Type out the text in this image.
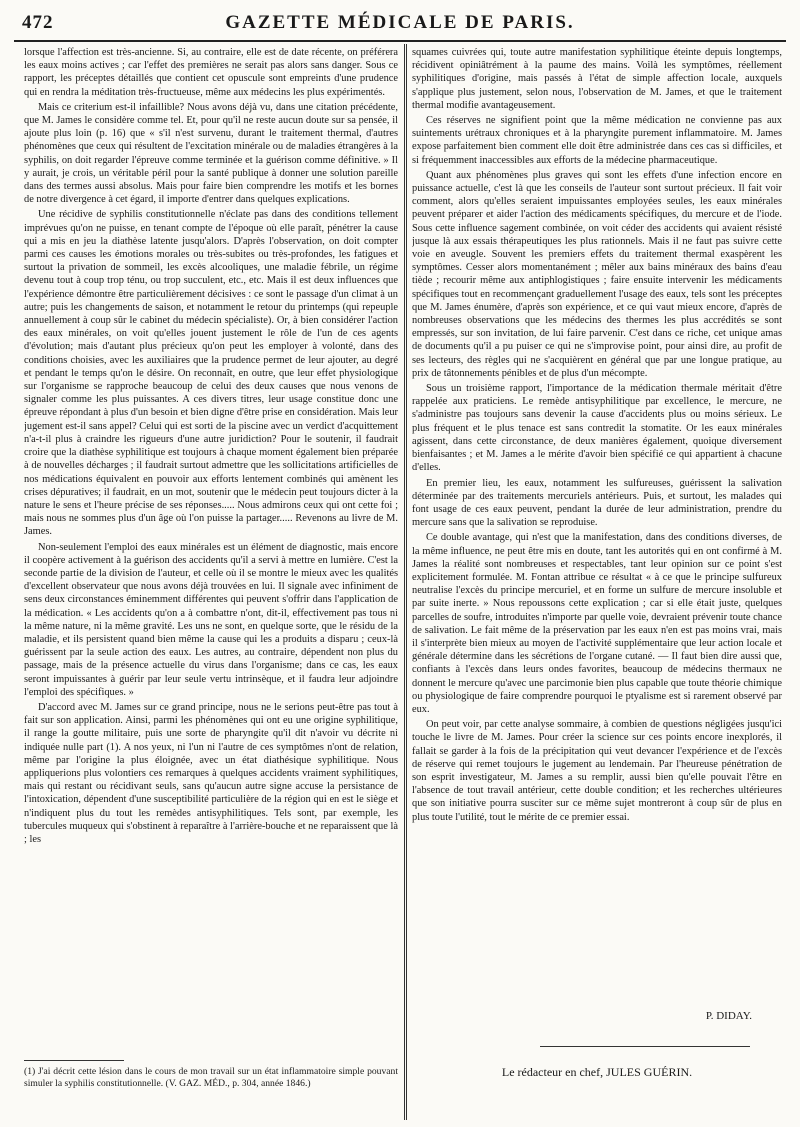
472	GAZETTE MÉDICALE DE PARIS.

lorsque l'affection est très-ancienne. Si, au contraire, elle est de date récente, on préférera les eaux moins actives ; car l'effet des premières ne serait pas alors sans danger. Sous ce rapport, les préceptes détaillés que contient cet opuscule sont empreints d'une prudence qui en rendra la méditation très-fructueuse, même aux médecins les plus expérimentés.

Mais ce criterium est-il infaillible? Nous avons déjà vu, dans une citation précédente, que M. James le considère comme tel. Et, pour qu'il ne reste aucun doute sur sa pensée, il ajoute plus loin (p. 16) que « s'il n'est survenu, durant le traitement thermal, d'autres phénomènes que ceux qui résultent de l'excitation minérale ou de maladies étrangères à la syphilis, on doit regarder l'épreuve comme terminée et la guérison comme définitive. » Il y aurait, je crois, un véritable péril pour la santé publique à donner une solution pareille dans des termes aussi absolus. Mais pour faire bien comprendre les motifs et les bornes de notre divergence à cet égard, il importe d'entrer dans quelques explications.

Une récidive de syphilis constitutionnelle n'éclate pas dans des conditions tellement imprévues qu'on ne puisse, en tenant compte de l'époque où elle paraît, pénétrer la cause qui a mis en jeu la diathèse latente jusqu'alors. D'après l'observation, on doit compter parmi ces causes les émotions morales ou très-subites ou très-profondes, les fatigues et surtout la privation de sommeil, les excès alcooliques, une maladie fébrile, un régime devenu tout à coup trop ténu, ou trop succulent, etc., etc. Mais il est deux influences que l'expérience démontre être particulièrement décisives : ce sont le passage d'un climat à un autre; puis les changements de saison, et notamment le retour du printemps (qui repeuple annuellement à coup sûr le cabinet du médecin spécialiste). Or, à bien considérer l'action des eaux minérales, on voit qu'elles jouent justement le rôle de l'un de ces agents d'évolution; mais d'autant plus précieux qu'on peut les employer à volonté, dans des conditions choisies, avec les auxiliaires que la prudence permet de leur ajouter, au degré et pendant le temps qu'on le désire. On reconnaît, en outre, que leur effet physiologique sur l'organisme se rapproche beaucoup de celui des deux causes que nous venons de signaler comme les plus puissantes. A ces divers titres, leur usage constitue donc une épreuve répondant à plus d'un besoin et bien digne d'être prise en considération. Mais leur jugement est-il sans appel? Celui qui est sorti de la piscine avec un verdict d'acquittement n'a-t-il plus à craindre les rigueurs d'une autre juridiction? Pour le soutenir, il faudrait croire que la diathèse syphilitique est toujours à chaque moment également bien préparée à de nouvelles décharges ; il faudrait surtout admettre que les sollicitations artificielles de nos médications équivalent en pouvoir aux efforts lentement combinés qui amènent les crises dépuratives; il faudrait, en un mot, soutenir que le médecin peut toujours dicter à la nature le sens et l'heure précise de ses réponses..... Nous admirons ceux qui ont cette foi ; mais nous ne sommes plus d'un âge où l'on puisse la partager..... Revenons au livre de M. James.

Non-seulement l'emploi des eaux minérales est un élément de diagnostic, mais encore il coopère activement à la guérison des accidents qu'il a servi à mettre en lumière. C'est la seconde partie de la division de l'auteur, et celle où il se montre le mieux avec les qualités d'excellent observateur que nous avons déjà trouvées en lui. Il signale avec infiniment de sens deux circonstances éminemment différentes qui peuvent s'offrir dans l'application de la médication. « Les accidents qu'on a à combattre n'ont, dit-il, effectivement pas tous ni la même nature, ni la même gravité. Les uns ne sont, en quelque sorte, que le résidu de la maladie, et ils persistent quand bien même la cause qui les a produits a disparu ; ceux-là guérissent par la seule action des eaux. Les autres, au contraire, dépendent non plus du passage, mais de la présence actuelle du virus dans l'organisme; dans ce cas, les eaux seront impuissantes à guérir par leur seule vertu intrinsèque, et il faudra leur adjoindre l'emploi des spécifiques. »

D'accord avec M. James sur ce grand principe, nous ne le serions peut-être pas tout à fait sur son application. Ainsi, parmi les phénomènes qui ont eu une origine syphilitique, il range la goutte militaire, puis une sorte de pharyngite qu'il dit n'avoir vu décrite ni indiquée nulle part (1). A nos yeux, ni l'un ni l'autre de ces symptômes n'ont de relation, même par l'origine la plus éloignée, avec un état diathésique syphilitique. Nous appliquerions plus volontiers ces remarques à quelques accidents vraiment syphilitiques, mais qui restant ou récidivant seuls, sans qu'aucun autre signe accuse la persistance de l'intoxication, dépendent d'une susceptibilité particulière de la région qui en est le siège et n'indiquent plus du tout les remèdes antisyphilitiques. Tels sont, par exemple, les tubercules muqueux qui s'obstinent à reparaître à l'arrière-bouche et ne reparaissent que là ; les

squames cuivrées qui, toute autre manifestation syphilitique éteinte depuis longtemps, récidivent opiniâtrément à la paume des mains. Voilà les symptômes, réellement syphilitiques d'origine, mais passés à l'état de simple affection locale, auxquels s'applique plus justement, selon nous, l'observation de M. James, et que le traitement thermal modifie avantageusement.

Ces réserves ne signifient point que la même médication ne convienne pas aux suintements urétraux chroniques et à la pharyngite purement inflammatoire. M. James expose parfaitement bien comment elle doit être administrée dans ces cas si difficiles, et si fréquemment inaccessibles aux efforts de la médecine pharmaceutique.

Quant aux phénomènes plus graves qui sont les effets d'une infection encore en puissance actuelle, c'est là que les conseils de l'auteur sont surtout précieux. Il fait voir comment, alors qu'elles seraient impuissantes employées seules, les eaux minérales peuvent préparer et aider l'action des médicaments spécifiques, du mercure et de l'iode. Sous cette influence sagement combinée, on voit céder des accidents qui avaient résisté jusque là aux essais thérapeutiques les plus rationnels. Mais il ne faut pas suivre cette voie en aveugle. Souvent les premiers effets du traitement thermal exaspèrent les symptômes. Cesser alors momentanément ; mêler aux bains minéraux des bains d'eau tiède ; recourir même aux antiphlogistiques ; faire ensuite intervenir les médicaments spécifiques tout en recommençant graduellement l'usage des eaux, tels sont les préceptes que M. James énumère, d'après son expérience, et ce qui vaut mieux encore, d'après de nombreuses observations que les médecins des thermes les plus accrédités se sont empressés, sur son invitation, de lui faire parvenir. C'est dans ce riche, cet unique amas de documents qu'il a pu puiser ce qui ne s'improvise point, pour ainsi dire, au profit de ses lecteurs, des règles qui ne s'acquièrent en général que par une longue pratique, au prix de tâtonnements pénibles et de plus d'un mécompte.

Sous un troisième rapport, l'importance de la médication thermale méritait d'être rappelée aux praticiens. Le remède antisyphilitique par excellence, le mercure, ne s'administre pas toujours sans devenir la cause d'accidents plus ou moins sérieux. Le plus fréquent et le plus tenace est sans contredit la stomatite. Or les eaux minérales agissent, dans cette circonstance, de deux manières également, quoique diversement bienfaisantes ; et M. James a le mérite d'avoir bien spécifié ce qui appartient à chacune d'elles.

En premier lieu, les eaux, notamment les sulfureuses, guérissent la salivation déterminée par des traitements mercuriels antérieurs. Puis, et surtout, les malades qui font usage de ces eaux peuvent, pendant la durée de leur administration, prendre du mercure sans que la salivation se reproduise.

Ce double avantage, qui n'est que la manifestation, dans des conditions diverses, de la même influence, ne peut être mis en doute, tant les autorités qui en ont confirmé à M. James la réalité sont nombreuses et respectables, tant leur opinion sur ce point s'est explicitement formulée. M. Fontan attribue ce résultat « à ce que le principe sulfureux neutralise l'excès du principe mercuriel, et en forme un sulfure de mercure insoluble et par suite inerte. » Nous repoussons cette explication ; car si elle était juste, quelques parcelles de soufre, introduites n'importe par quelle voie, devraient prévenir toute chance de salivation. Le fait même de la préservation par les eaux n'en est pas moins vrai, mais il s'interprète bien mieux au moyen de l'activité supplémentaire que leur action locale et générale détermine dans les sécrétions de l'organe cutané. — Il faut bien dire aussi que, confiants à l'excès dans leurs ondes favorites, beaucoup de médecins thermaux ne donnent le mercure qu'avec une parcimonie bien plus capable que toute théorie chimique ou physiologique de faire comprendre pourquoi le ptyalisme est si rarement observé par eux.

On peut voir, par cette analyse sommaire, à combien de questions négligées jusqu'ici touche le livre de M. James. Pour créer la science sur ces points encore inexplorés, il fallait se garder à la fois de la précipitation qui veut devancer l'expérience et de l'excès de réserve qui remet toujours le jugement au lendemain. Par l'heureuse pénétration de son esprit investigateur, M. James a su remplir, aussi bien qu'elle pouvait l'être en l'absence de tout travail antérieur, cette double condition; et les recherches ultérieures que son initiative pourra susciter sur ce même sujet montreront à coup sûr de plus en plus toute l'utilité, tout le mérite de ce premier essai.

P. DIDAY.
Le rédacteur en chef, JULES GUÉRIN.
(1) J'ai décrit cette lésion dans le cours de mon travail sur un état inflammatoire simple pouvant simuler la syphilis constitutionnelle. (V. GAZ. MÉD., p. 304, année 1846.)
